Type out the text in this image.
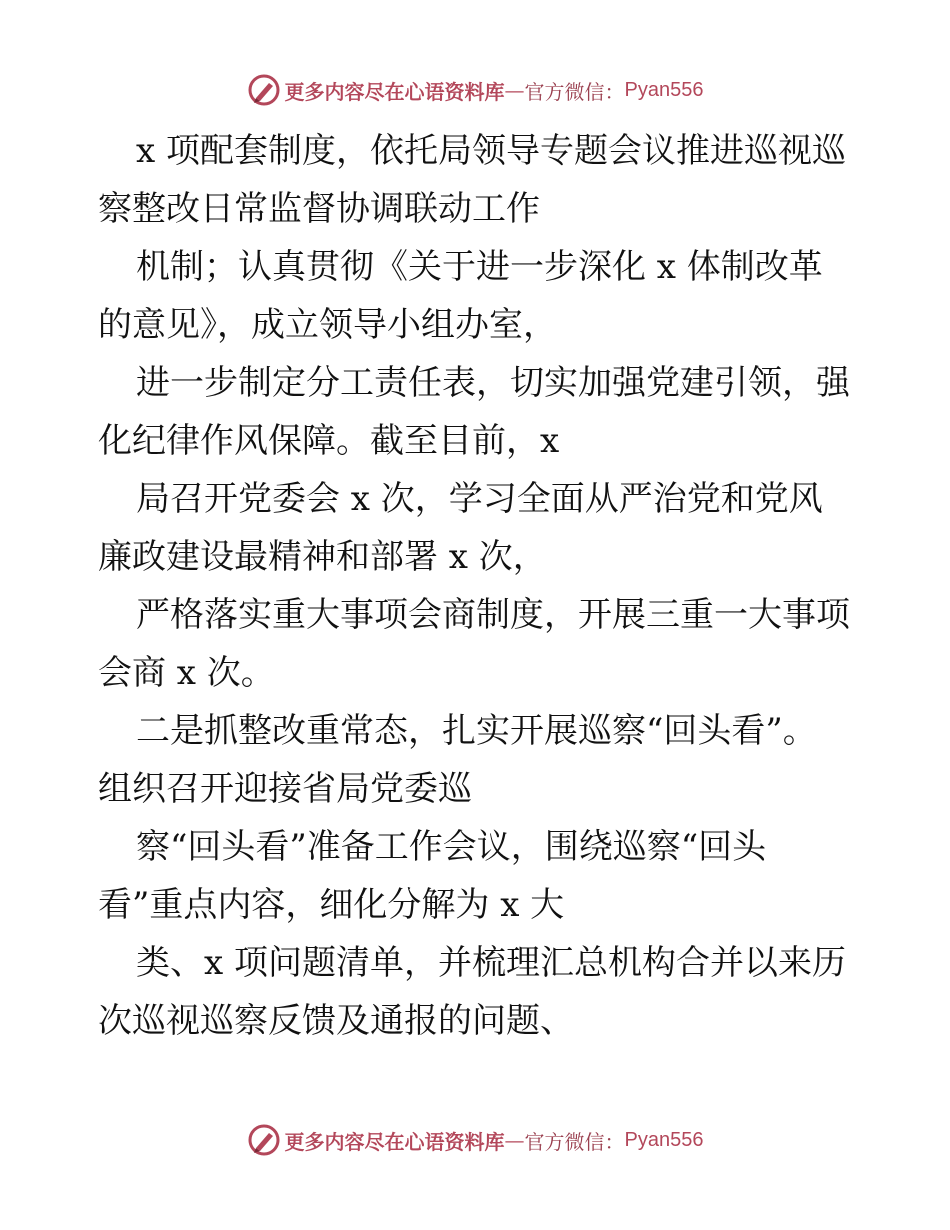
更多内容尽在心语资料库 — 官方微信： Pyan556
x 项配套制度，依托局领导专题会议推进巡视巡
察整改日常监督协调联动工作
机制；认真贯彻《关于进一步深化 x 体制改革
的意见》，成立领导小组办室，
进一步制定分工责任表，切实加强党建引领，强
化纪律作风保障。截至目前，x
局召开党委会 x 次，学习全面从严治党和党风
廉政建设最精神和部署 x 次，
严格落实重大事项会商制度，开展三重一大事项
会商 x 次。
二是抓整改重常态，扎实开展巡察“回头看”。
组织召开迎接省局党委巡
察“回头看”准备工作会议，围绕巡察“回头
看”重点内容，细化分解为 x 大
类、x 项问题清单，并梳理汇总机构合并以来历
次巡视巡察反馈及通报的问题、
更多内容尽在心语资料库 — 官方微信： Pyan556
